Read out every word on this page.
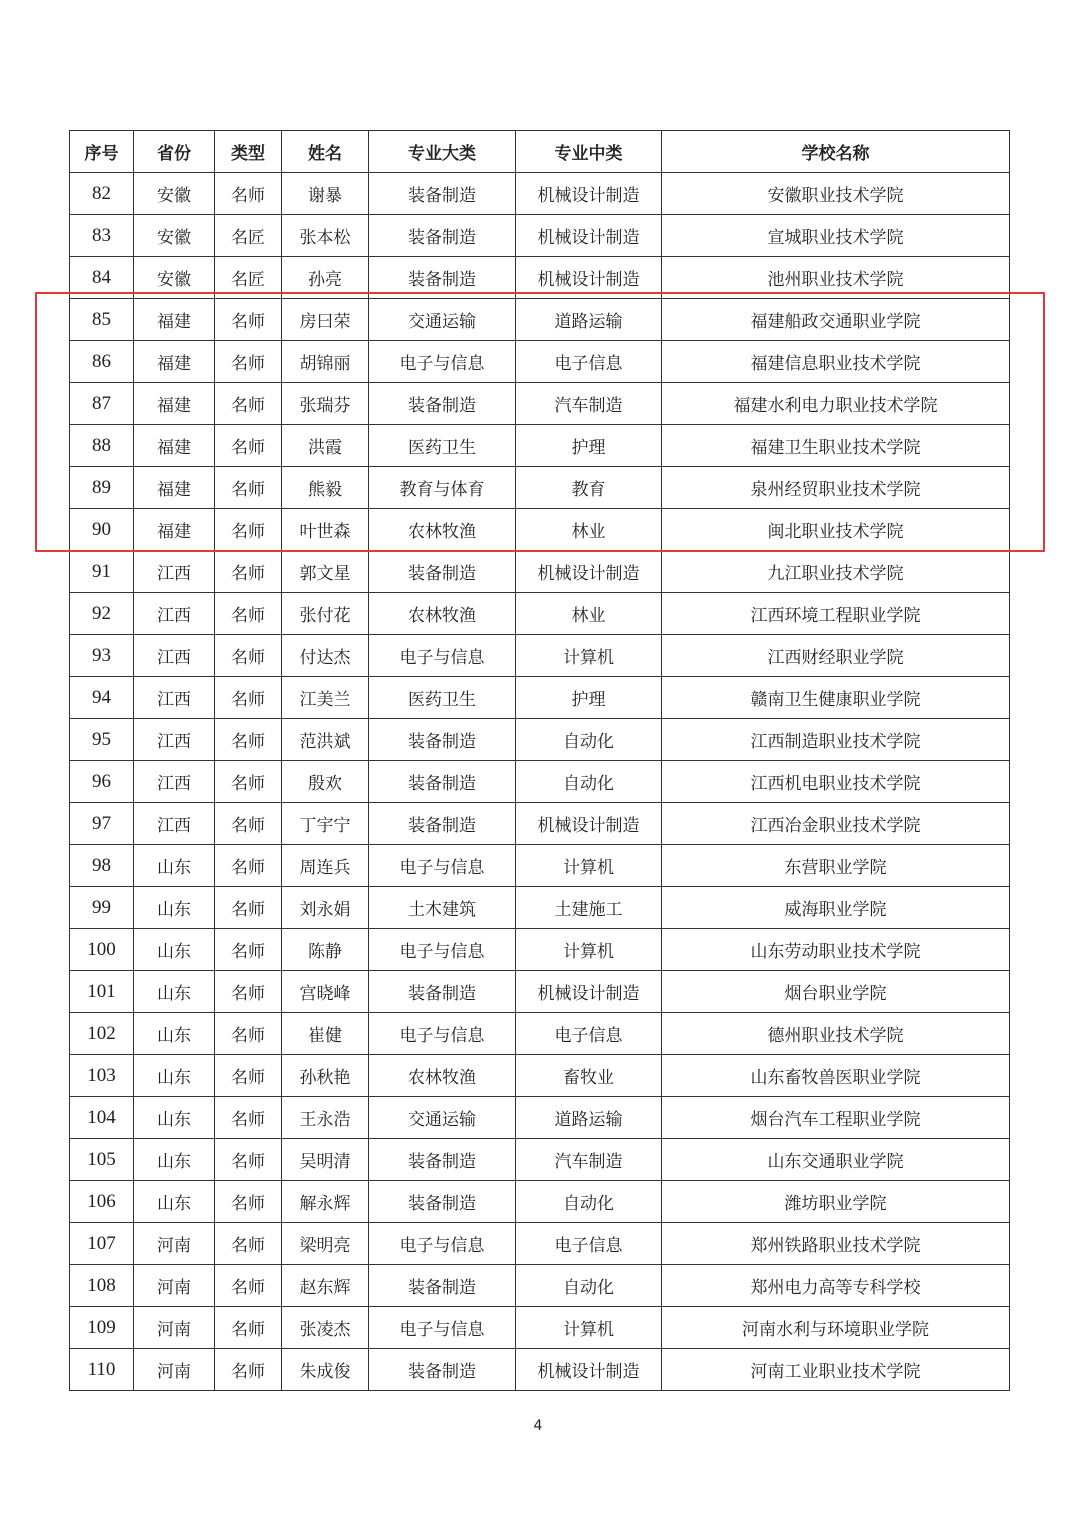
序号	省份	类型	姓名	专业大类	专业中类	学校名称
82	安徽	名师	谢暴	装备制造	机械设计制造	安徽职业技术学院
83	安徽	名匠	张本松	装备制造	机械设计制造	宣城职业技术学院
84	安徽	名匠	孙亮	装备制造	机械设计制造	池州职业技术学院
85	福建	名师	房曰荣	交通运输	道路运输	福建船政交通职业学院
86	福建	名师	胡锦丽	电子与信息	电子信息	福建信息职业技术学院
87	福建	名师	张瑞芬	装备制造	汽车制造	福建水利电力职业技术学院
88	福建	名师	洪霞	医药卫生	护理	福建卫生职业技术学院
89	福建	名师	熊毅	教育与体育	教育	泉州经贸职业技术学院
90	福建	名师	叶世森	农林牧渔	林业	闽北职业技术学院
91	江西	名师	郭文星	装备制造	机械设计制造	九江职业技术学院
92	江西	名师	张付花	农林牧渔	林业	江西环境工程职业学院
93	江西	名师	付达杰	电子与信息	计算机	江西财经职业学院
94	江西	名师	江美兰	医药卫生	护理	赣南卫生健康职业学院
95	江西	名师	范洪斌	装备制造	自动化	江西制造职业技术学院
96	江西	名师	殷欢	装备制造	自动化	江西机电职业技术学院
97	江西	名师	丁宇宁	装备制造	机械设计制造	江西冶金职业技术学院
98	山东	名师	周连兵	电子与信息	计算机	东营职业学院
99	山东	名师	刘永娟	土木建筑	土建施工	威海职业学院
100	山东	名师	陈静	电子与信息	计算机	山东劳动职业技术学院
101	山东	名师	宫晓峰	装备制造	机械设计制造	烟台职业学院
102	山东	名师	崔健	电子与信息	电子信息	德州职业技术学院
103	山东	名师	孙秋艳	农林牧渔	畜牧业	山东畜牧兽医职业学院
104	山东	名师	王永浩	交通运输	道路运输	烟台汽车工程职业学院
105	山东	名师	吴明清	装备制造	汽车制造	山东交通职业学院
106	山东	名师	解永辉	装备制造	自动化	潍坊职业学院
107	河南	名师	梁明亮	电子与信息	电子信息	郑州铁路职业技术学院
108	河南	名师	赵东辉	装备制造	自动化	郑州电力高等专科学校
109	河南	名师	张凌杰	电子与信息	计算机	河南水利与环境职业学院
110	河南	名师	朱成俊	装备制造	机械设计制造	河南工业职业技术学院
4
